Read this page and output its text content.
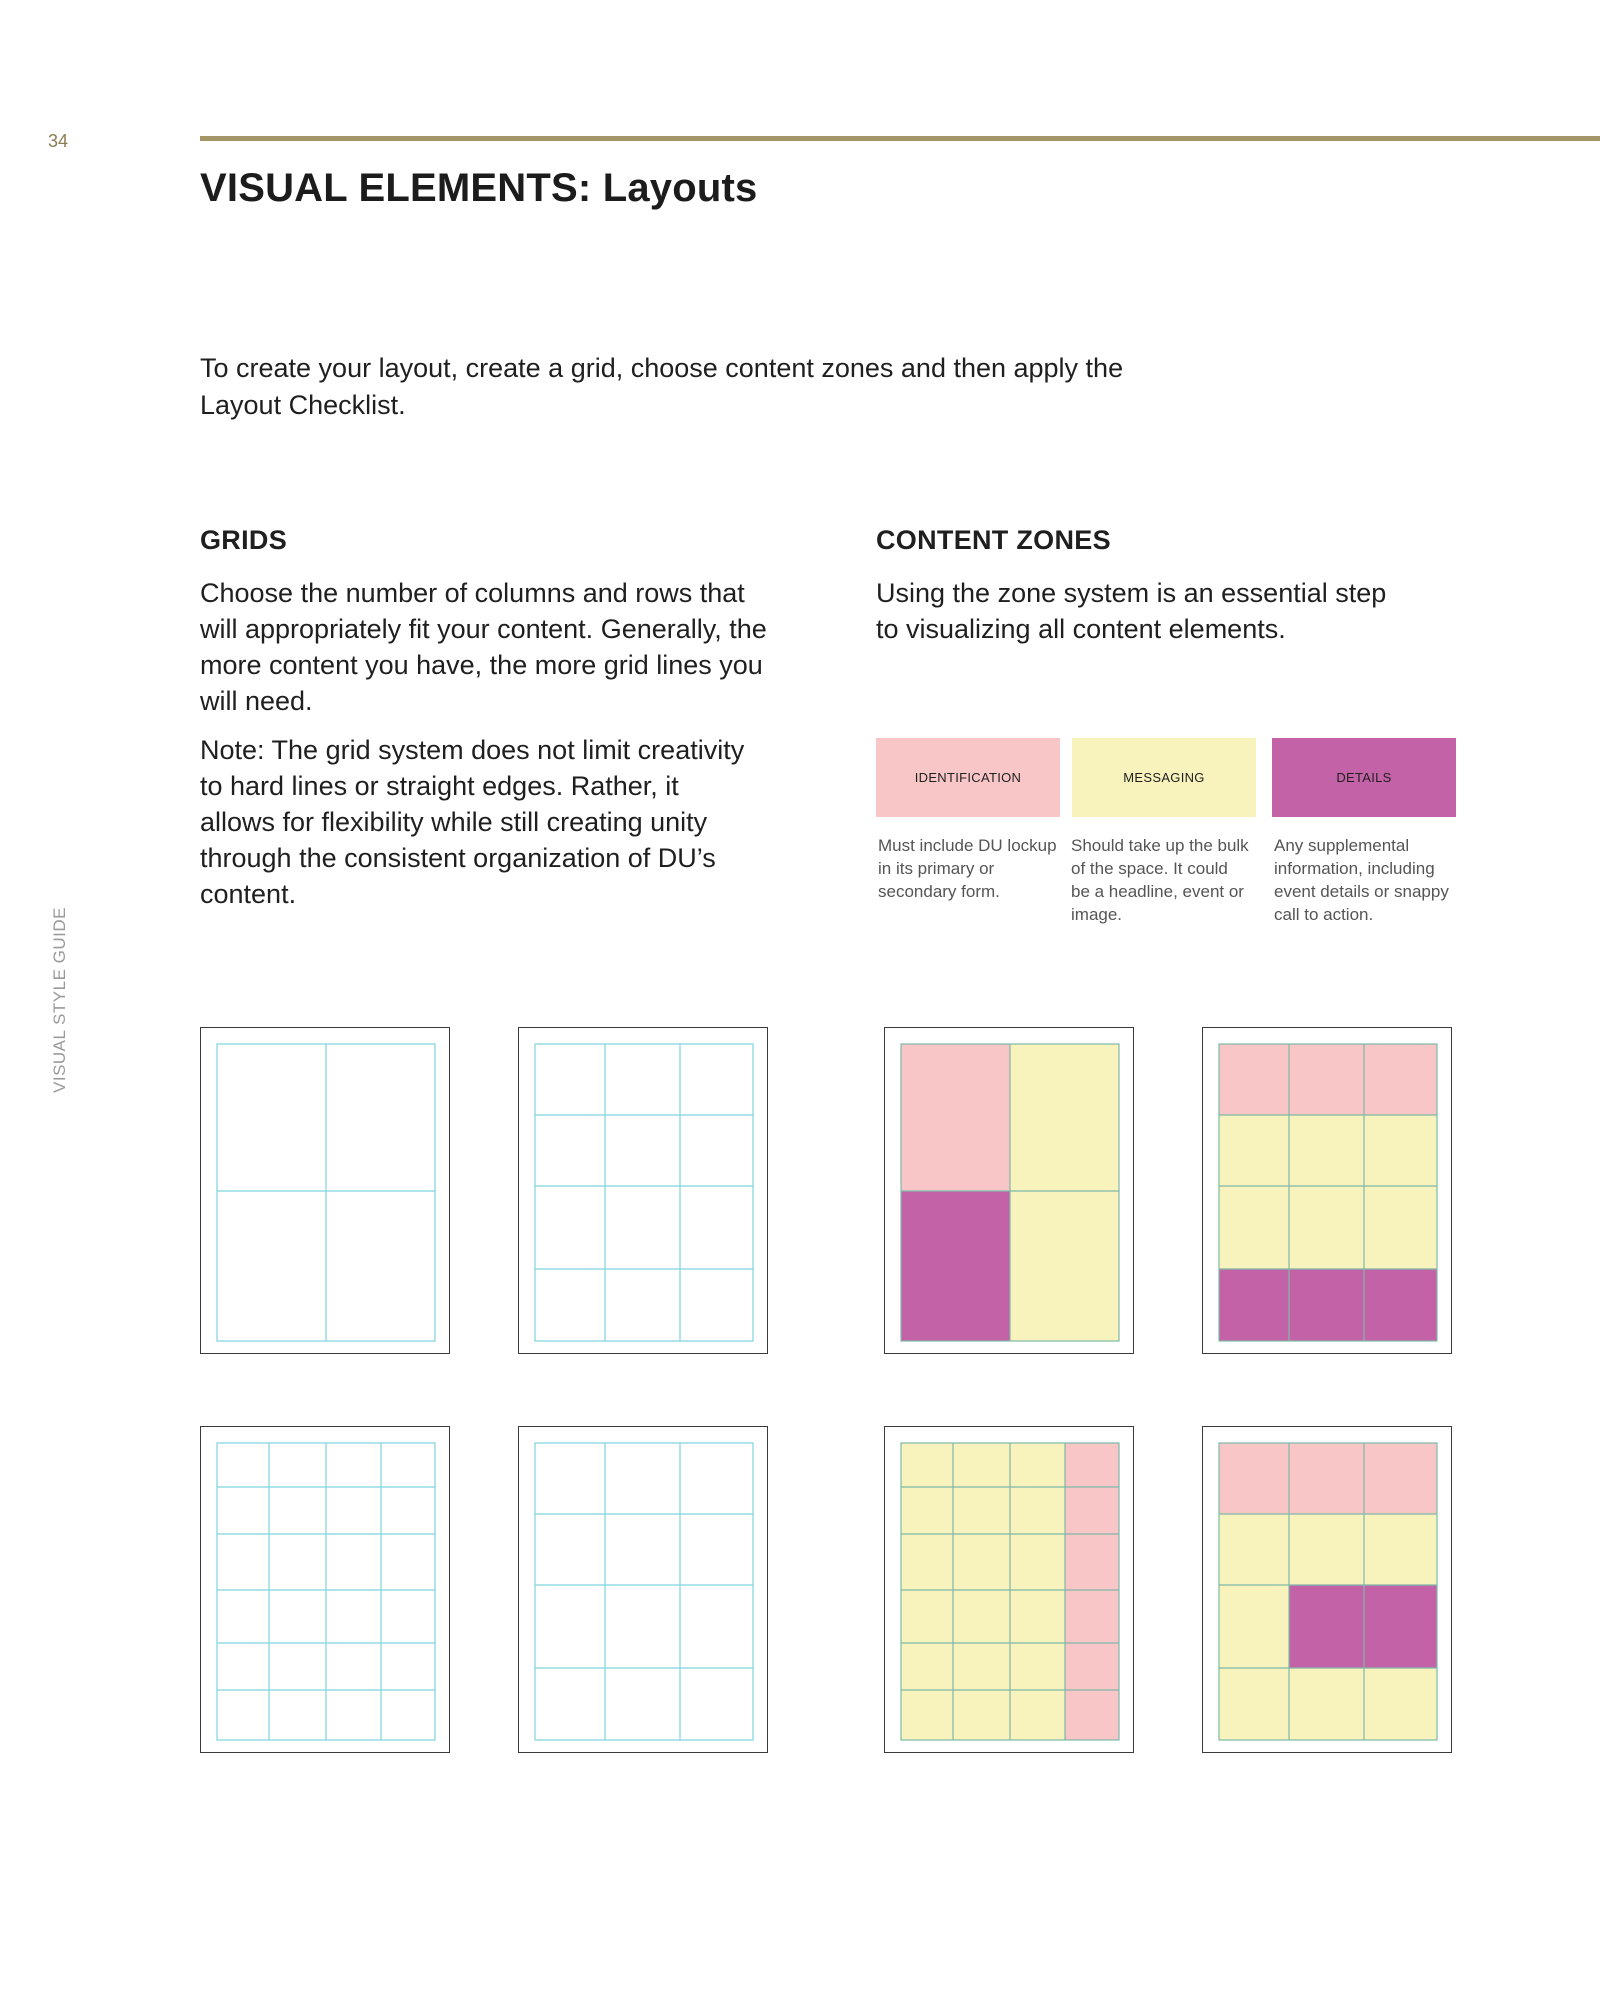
34
VISUAL ELEMENTS: Layouts
VISUAL STYLE GUIDE

To create your layout, create a grid, choose content zones and then apply the Layout Checklist.

GRIDS

Choose the number of columns and rows that will appropriately fit your content. Generally, the more content you have, the more grid lines you will need.

Note: The grid system does not limit creativity to hard lines or straight edges. Rather, it allows for flexibility while still creating unity through the consistent organization of DU’s content.

CONTENT ZONES

Using the zone system is an essential step to visualizing all content elements.

IDENTIFICATION	MESSAGING	DETAILS

Must include DU lockup in its primary or secondary form.

Should take up the bulk of the space. It could be a headline, event or image.

Any supplemental information, including event details or snappy call to action.
